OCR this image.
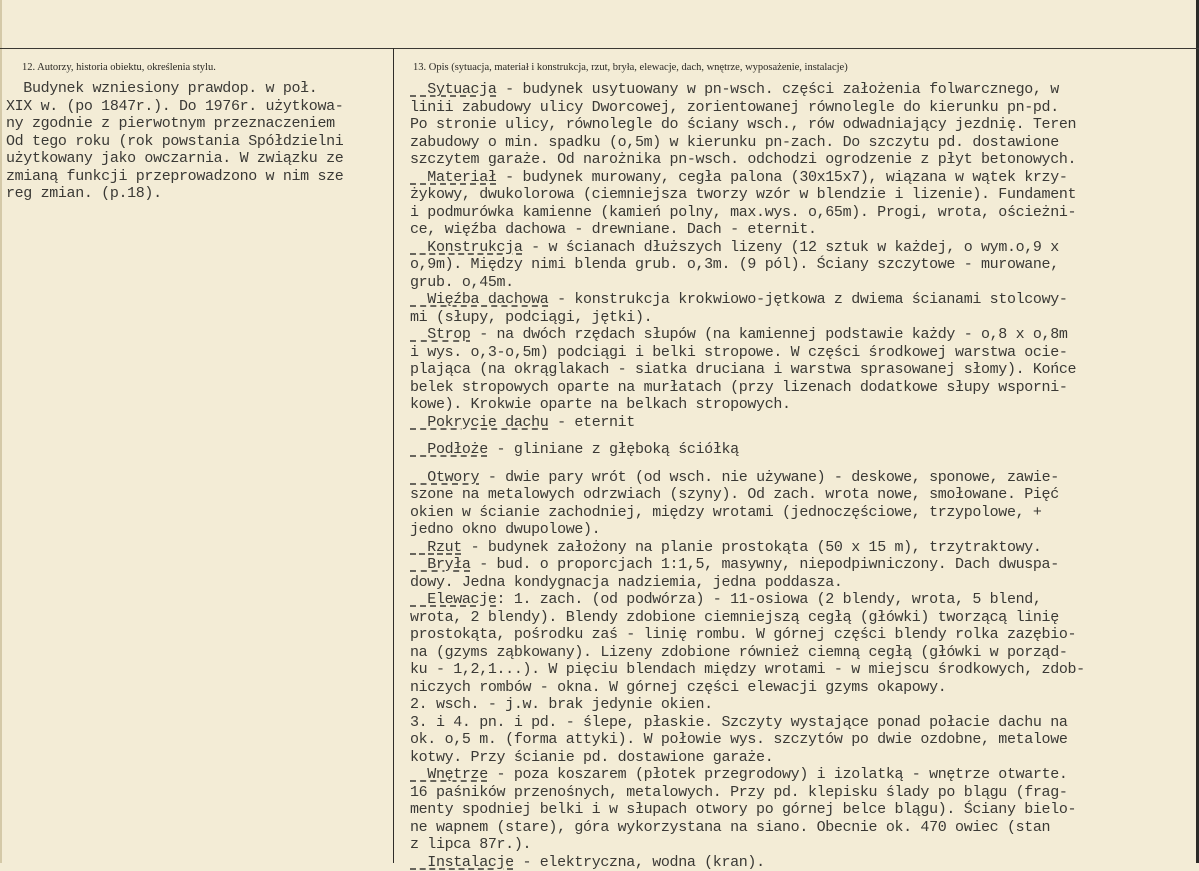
12. Autorzy, historia obiektu, określenia stylu.	13. Opis (sytuacja, materiał i konstrukcja, rzut, bryła, elewacje, dach, wnętrze, wyposażenie, instalacje)
Budynek wzniesiony prawdop. w poł.
XIX w. (po 1847r.). Do 1976r. użytkowa-
ny zgodnie z pierwotnym przeznaczeniem
Od tego roku (rok powstania Spółdzielni
użytkowany jako owczarnia. W związku ze
zmianą funkcji przeprowadzono w nim sze
reg zmian. (p.18).
Sytuacja - budynek usytuowany w pn-wsch. części założenia folwarcznego, w
linii zabudowy ulicy Dworcowej, zorientowanej równolegle do kierunku pn-pd.
Po stronie ulicy, równolegle do ściany wsch., rów odwadniający jezdnię. Teren
zabudowy o min. spadku (o,5m) w kierunku pn-zach. Do szczytu pd. dostawione
szczytem garaże. Od narożnika pn-wsch. odchodzi ogrodzenie z płyt betonowych.
Materiał - budynek murowany, cegła palona (30x15x7), wiązana w wątek krzy-
żykowy, dwukolorowa (ciemniejsza tworzy wzór w blendzie i lizenie). Fundament
i podmurówka kamienne (kamień polny, max.wys. o,65m). Progi, wrota, ościeżni-
ce, więźba dachowa - drewniane. Dach - eternit.
Konstrukcja - w ścianach dłuższych lizeny (12 sztuk w każdej, o wym.o,9 x
o,9m). Między nimi blenda grub. o,3m. (9 pól). Ściany szczytowe - murowane,
grub. o,45m.
Więźba dachowa - konstrukcja krokwiowo-jętkowa z dwiema ścianami stolcowy-
mi (słupy, podciągi, jętki).
Strop - na dwóch rzędach słupów (na kamiennej podstawie każdy - o,8 x o,8m
i wys. o,3-o,5m) podciągi i belki stropowe. W części środkowej warstwa ocie-
plająca (na okrąglakach - siatka druciana i warstwa sprasowanej słomy). Końce
belek stropowych oparte na murłatach (przy lizenach dodatkowe słupy wsporni-
kowe). Krokwie oparte na belkach stropowych.
Pokrycie dachu - eternit
Podłoże - gliniane z głęboką ściółką
Otwory - dwie pary wrót (od wsch. nie używane) - deskowe, sponowe, zawie-
szone na metalowych odrzwiach (szyny). Od zach. wrota nowe, smołowane. Pięć
okien w ścianie zachodniej, między wrotami (jednoczęściowe, trzypolowe, +
jedno okno dwupolowe).
Rzut - budynek założony na planie prostokąta (50 x 15 m), trzytraktowy.
Bryła - bud. o proporcjach 1:1,5, masywny, niepodpiwniczony. Dach dwuspa-
dowy. Jedna kondygnacja nadziemia, jedna poddasza.
Elewacje: 1. zach. (od podwórza) - 11-osiowa (2 blendy, wrota, 5 blend,
wrota, 2 blendy). Blendy zdobione ciemniejszą cegłą (główki) tworzącą linię
prostokąta, pośrodku zaś - linię rombu. W górnej części blendy rolka zazębio-
na (gzyms ząbkowany). Lizeny zdobione również ciemną cegłą (główki w porząd-
ku - 1,2,1...). W pięciu blendach między wrotami - w miejscu środkowych, zdob-
niczych rombów - okna. W górnej części elewacji gzyms okapowy.
2. wsch. - j.w. brak jedynie okien.
3. i 4. pn. i pd. - ślepe, płaskie. Szczyty wystające ponad połacie dachu na
ok. o,5 m. (forma attyki). W połowie wys. szczytów po dwie ozdobne, metalowe
kotwy. Przy ścianie pd. dostawione garaże.
Wnętrze - poza koszarem (płotek przegrodowy) i izolatką - wnętrze otwarte.
16 paśników przenośnych, metalowych. Przy pd. klepisku ślady po blągu (frag-
menty spodniej belki i w słupach otwory po górnej belce blągu). Ściany bielo-
ne wapnem (stare), góra wykorzystana na siano. Obecnie ok. 470 owiec (stan
z lipca 87r.).
Instalacje - elektryczna, wodna (kran).
